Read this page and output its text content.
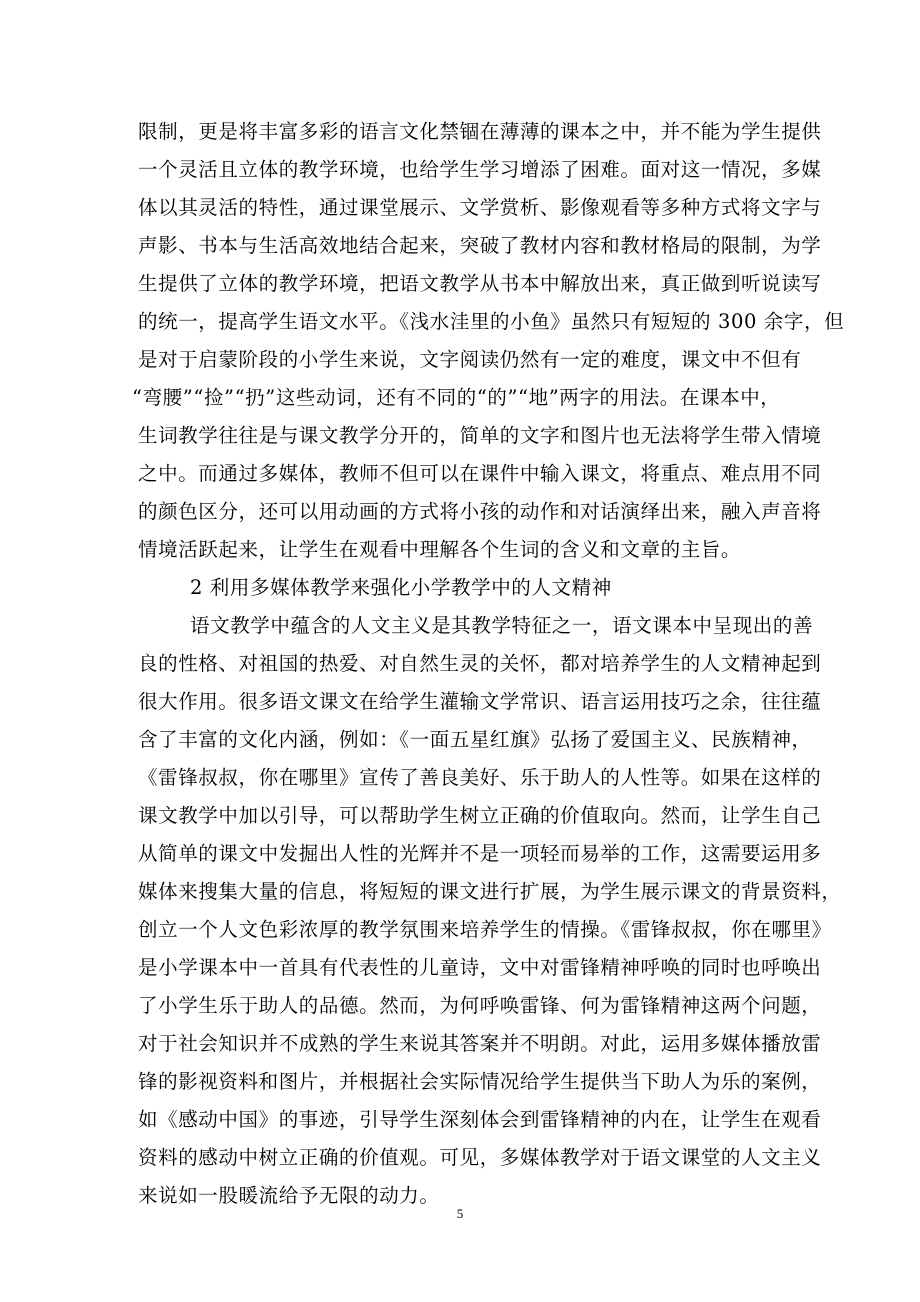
限制，更是将丰富多彩的语言文化禁锢在薄薄的课本之中，并不能为学生提供
一个灵活且立体的教学环境，也给学生学习增添了困难。面对这一情况，多媒
体以其灵活的特性，通过课堂展示、文学赏析、影像观看等多种方式将文字与
声影、书本与生活高效地结合起来，突破了教材内容和教材格局的限制，为学
生提供了立体的教学环境，把语文教学从书本中解放出来，真正做到听说读写
的统一，提高学生语文水平。《浅水洼里的小鱼》虽然只有短短的 300 余字，但
是对于启蒙阶段的小学生来说，文字阅读仍然有一定的难度，课文中不但有
“弯腰”“捡”“扔”这些动词，还有不同的“的”“地”两字的用法。在课本中，
生词教学往往是与课文教学分开的，简单的文字和图片也无法将学生带入情境
之中。而通过多媒体，教师不但可以在课件中输入课文，将重点、难点用不同
的颜色区分，还可以用动画的方式将小孩的动作和对话演绎出来，融入声音将
情境活跃起来，让学生在观看中理解各个生词的含义和文章的主旨。
2 利用多媒体教学来强化小学教学中的人文精神
语文教学中蕴含的人文主义是其教学特征之一，语文课本中呈现出的善
良的性格、对祖国的热爱、对自然生灵的关怀，都对培养学生的人文精神起到
很大作用。很多语文课文在给学生灌输文学常识、语言运用技巧之余，往往蕴
含了丰富的文化内涵，例如：《一面五星红旗》弘扬了爱国主义、民族精神，
《雷锋叔叔，你在哪里》宣传了善良美好、乐于助人的人性等。如果在这样的
课文教学中加以引导，可以帮助学生树立正确的价值取向。然而，让学生自己
从简单的课文中发掘出人性的光辉并不是一项轻而易举的工作，这需要运用多
媒体来搜集大量的信息，将短短的课文进行扩展，为学生展示课文的背景资料，
创立一个人文色彩浓厚的教学氛围来培养学生的情操。《雷锋叔叔，你在哪里》
是小学课本中一首具有代表性的儿童诗，文中对雷锋精神呼唤的同时也呼唤出
了小学生乐于助人的品德。然而，为何呼唤雷锋、何为雷锋精神这两个问题，
对于社会知识并不成熟的学生来说其答案并不明朗。对此，运用多媒体播放雷
锋的影视资料和图片，并根据社会实际情况给学生提供当下助人为乐的案例，
如《感动中国》的事迹，引导学生深刻体会到雷锋精神的内在，让学生在观看
资料的感动中树立正确的价值观。可见，多媒体教学对于语文课堂的人文主义
来说如一股暖流给予无限的动力。
5
